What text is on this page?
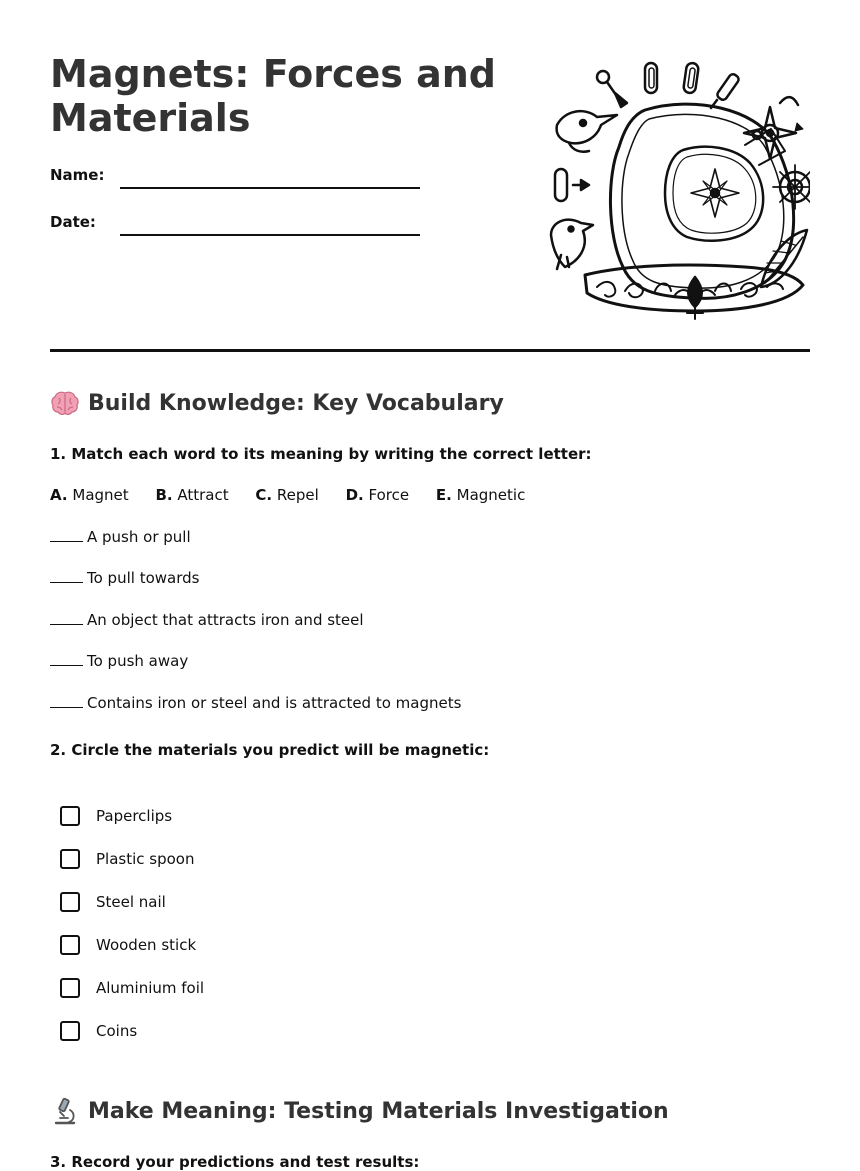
Magnets: Forces and Materials
Name:
Date:
Build Knowledge: Key Vocabulary

1. Match each word to its meaning by writing the correct letter:

A. Magnet B. Attract C. Repel D. Force E. Magnetic
A push or pull
To pull towards
An object that attracts iron and steel
To push away
Contains iron or steel and is attracted to magnets

2. Circle the materials you predict will be magnetic:

Paperclips
Plastic spoon
Steel nail
Wooden stick
Aluminium foil
Coins
Make Meaning: Testing Materials Investigation

3. Record your predictions and test results:
